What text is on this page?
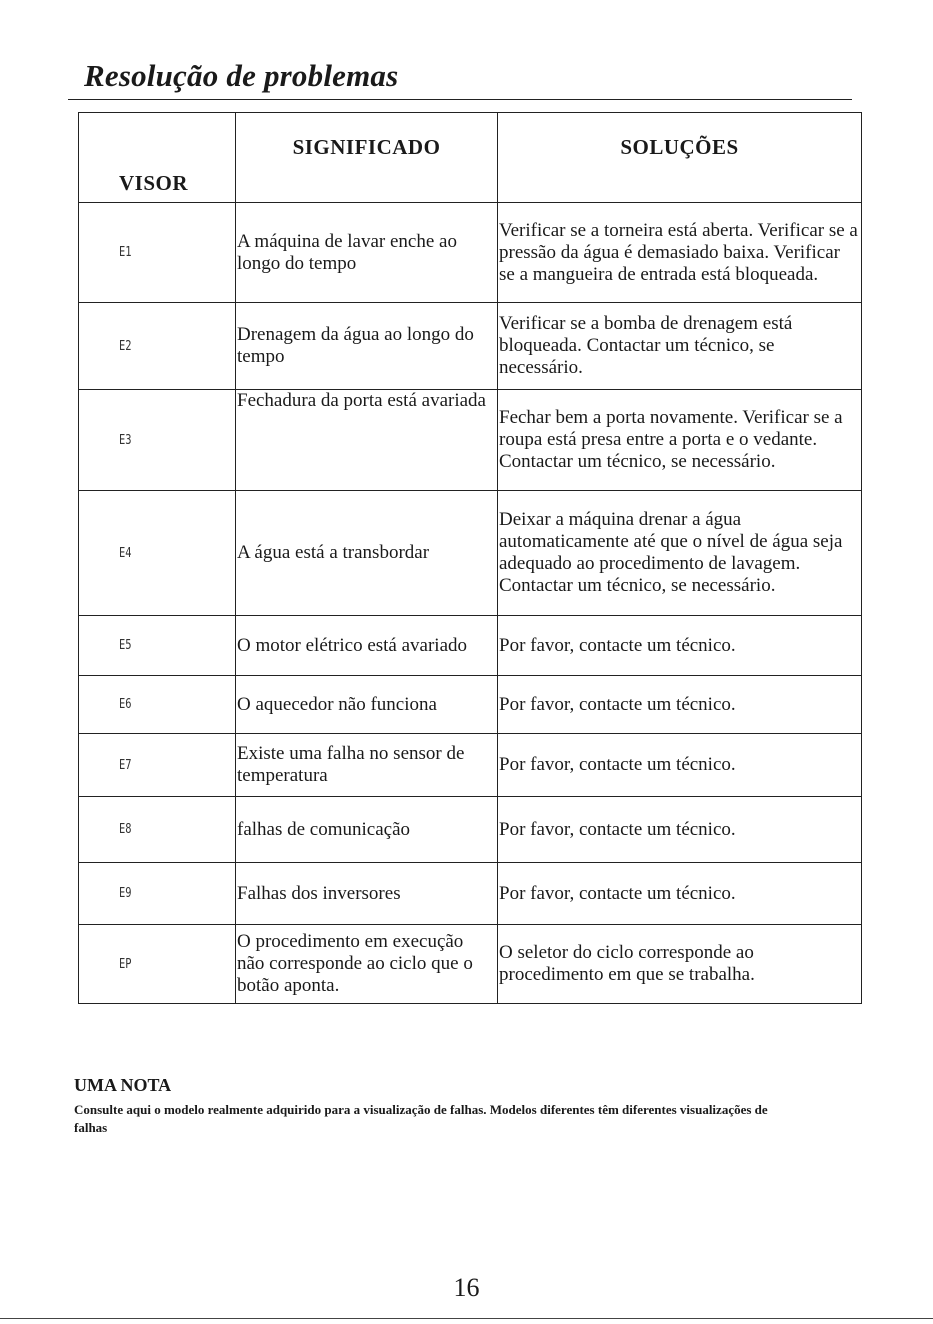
Resolução de problemas
VISOR	SIGNIFICADO	SOLUÇÕES
E1	A máquina de lavar enche ao longo do tempo	Verificar se a torneira está aberta. Verificar se a pressão da água é demasiado baixa. Verificar se a mangueira de entrada está bloqueada.
E2	Drenagem da água ao longo do tempo	Verificar se a bomba de drenagem está bloqueada. Contactar um técnico, se necessário.
E3	Fechadura da porta está avariada	Fechar bem a porta novamente. Verificar se a roupa está presa entre a porta e o vedante. Contactar um técnico, se necessário.
E4	A água está a transbordar	Deixar a máquina drenar a água automaticamente até que o nível de água seja adequado ao procedimento de lavagem. Contactar um técnico, se necessário.
E5	O motor elétrico está avariado	Por favor, contacte um técnico.
E6	O aquecedor não funciona	Por favor, contacte um técnico.
E7	Existe uma falha no sensor de temperatura	Por favor, contacte um técnico.
E8	falhas de comunicação	Por favor, contacte um técnico.
E9	Falhas dos inversores	Por favor, contacte um técnico.
EP	O procedimento em execução não corresponde ao ciclo que o botão aponta.	O seletor do ciclo corresponde ao procedimento em que se trabalha.
UMA NOTA

Consulte aqui o modelo realmente adquirido para a visualização de falhas. Modelos diferentes têm diferentes visualizações de falhas

16
